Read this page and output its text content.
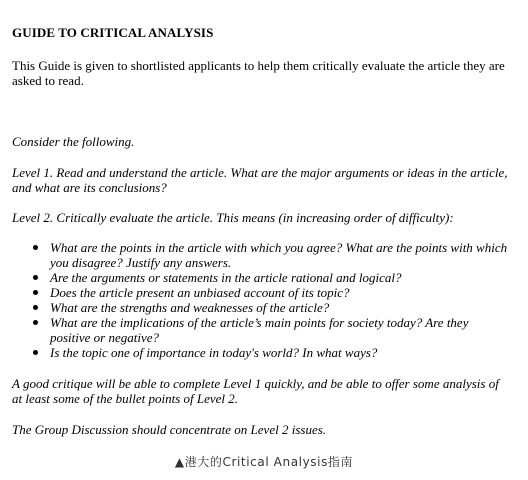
GUIDE TO CRITICAL ANALYSIS
This Guide is given to shortlisted applicants to help them critically evaluate the article they are asked to read.
Consider the following.
Level 1. Read and understand the article. What are the major arguments or ideas in the article, and what are its conclusions?
Level 2. Critically evaluate the article. This means (in increasing order of difficulty):
What are the points in the article with which you agree? What are the points with which you disagree? Justify any answers.
Are the arguments or statements in the article rational and logical?
Does the article present an unbiased account of its topic?
What are the strengths and weaknesses of the article?
What are the implications of the article’s main points for society today? Are they positive or negative?
Is the topic one of importance in today's world? In what ways?
A good critique will be able to complete Level 1 quickly, and be able to offer some analysis of at least some of the bullet points of Level 2.
The Group Discussion should concentrate on Level 2 issues.
▲港大的Critical Analysis指南
